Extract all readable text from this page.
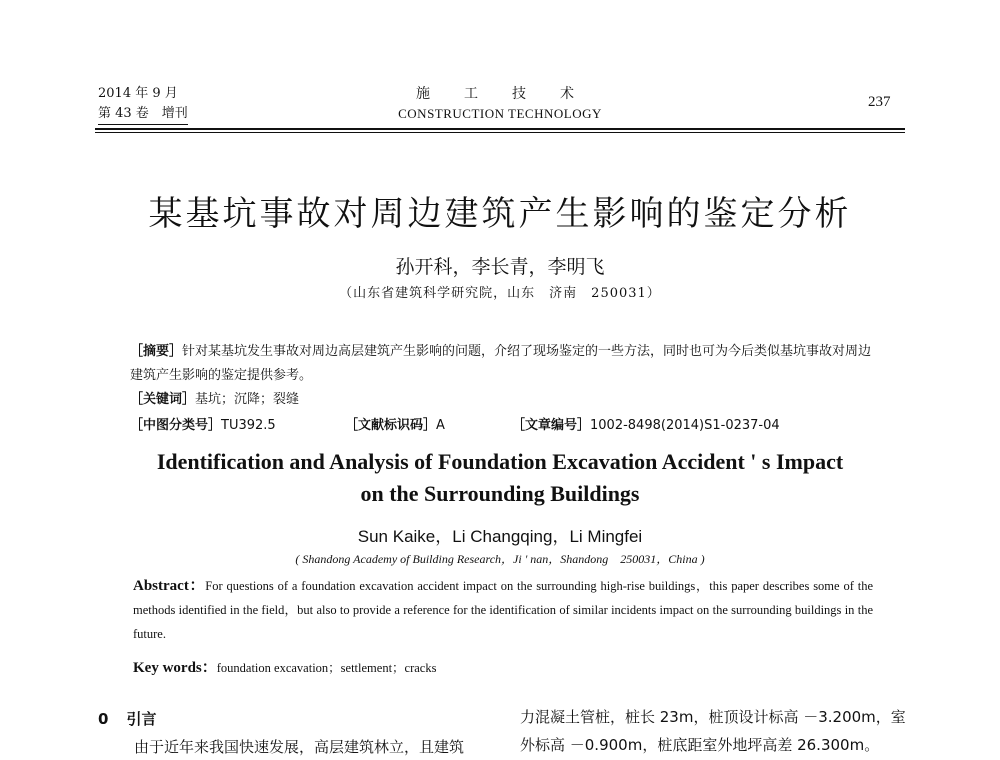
2014 年 9 月
第 43 卷　增刊
施　工　技　术
CONSTRUCTION TECHNOLOGY
237
某基坑事故对周边建筑产生影响的鉴定分析
孙开科，李长青，李明飞
（山东省建筑科学研究院，山东　济南　250031）
［摘要］针对某基坑发生事故对周边高层建筑产生影响的问题，介绍了现场鉴定的一些方法，同时也可为今后类似基坑事故对周边建筑产生影响的鉴定提供参考。
［关键词］基坑；沉降；裂缝
［中图分类号］TU392.5	［文献标识码］A	［文章编号］1002-8498(2014)S1-0237-04
Identification and Analysis of Foundation Excavation Accident ' s Impact
on the Surrounding Buildings
Sun Kaike，Li Changqing，Li Mingfei
( Shandong Academy of Building Research，Ji ' nan，Shandong　250031，China )
Abstract：For questions of a foundation excavation accident impact on the surrounding high-rise buildings，this paper describes some of the methods identified in the field，but also to provide a reference for the identification of similar incidents impact on the surrounding buildings in the future.
Key words：foundation excavation；settlement；cracks
0 引言
由于近年来我国快速发展，高层建筑林立，且建筑
力混凝土管桩，桩长 23m，桩顶设计标高 －3.200m，室
外标高 －0.900m，桩底距室外地坪高差 26.300m。
